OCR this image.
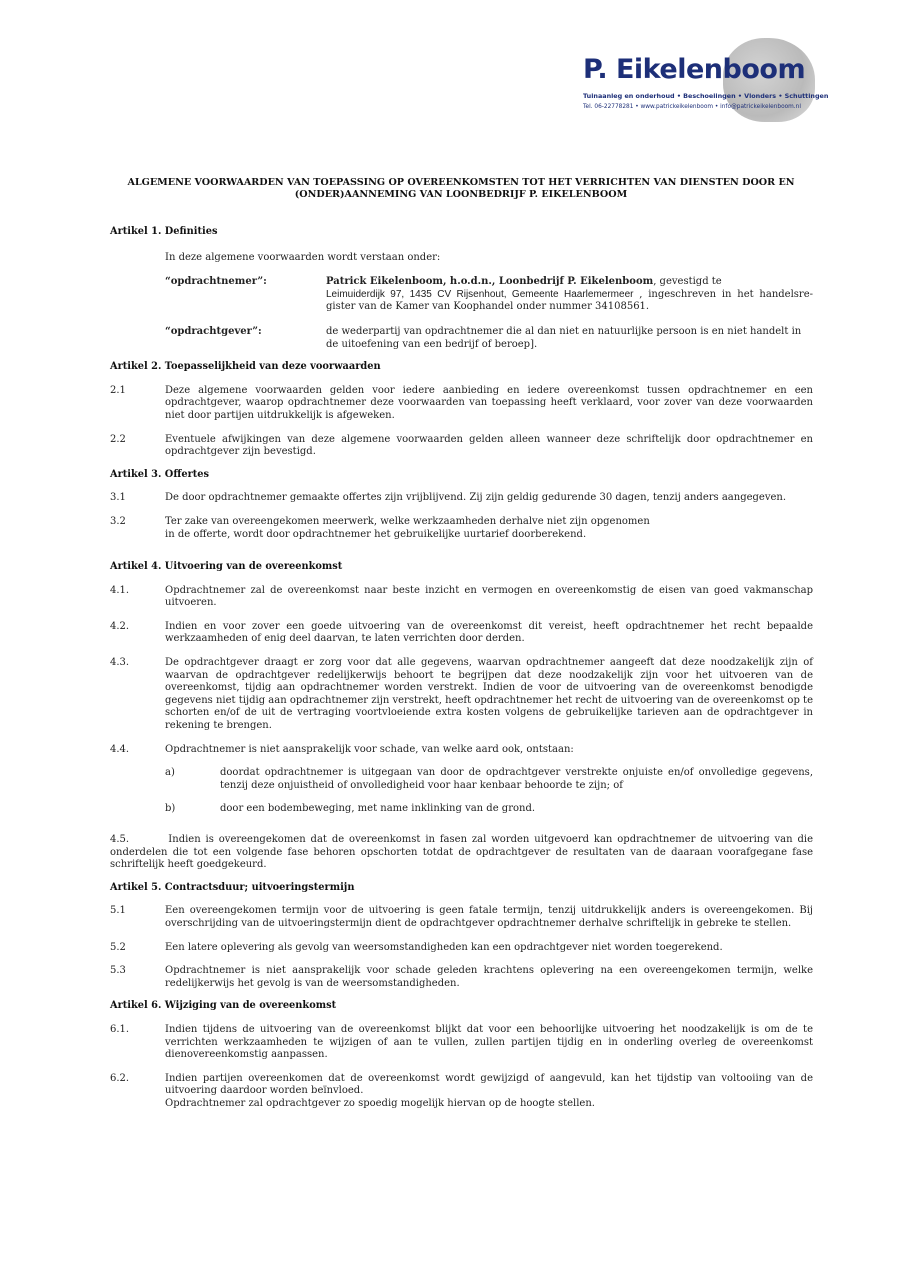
P. Eikelenboom
Tuinaanleg en onderhoud • Beschoeiingen • Vlonders • Schuttingen
Tel. 06-22778281 • www.patrickeikelenboom • info@patrickeikelenboom.nl
ALGEMENE VOORWAARDEN VAN TOEPASSING OP OVEREENKOMSTEN TOT HET VERRICHTEN VAN DIENSTEN DOOR EN (ONDER)AANNEMING VAN LOONBEDRIJF P. EIKELENBOOM
Artikel 1. Definities

In deze algemene voorwaarden wordt verstaan onder:

“opdrachtnemer”:	Patrick Eikelenboom, h.o.d.n., Loonbedrijf P. Eikelenboom, gevestigd te
Leimuiderdijk 97, 1435 CV Rijsenhout, Gemeente Haarlemermeer , ingeschreven in het handelsre- gister van de Kamer van Koophandel onder nummer 34108561.
“opdrachtgever”:	de wederpartij van opdrachtnemer die al dan niet en natuurlijke persoon is en niet handelt in de uitoefening van een bedrijf of beroep].
Artikel 2. Toepasselijkheid van deze voorwaarden
2.1	Deze algemene voorwaarden gelden voor iedere aanbieding en iedere overeenkomst tussen opdrachtnemer en een opdrachtgever, waarop opdrachtnemer deze voorwaarden van toepassing heeft verklaard, voor zover van deze voorwaarden niet door partijen uitdrukkelijk is afgeweken.
2.2	Eventuele afwijkingen van deze algemene voorwaarden gelden alleen wanneer deze schriftelijk door opdrachtnemer en opdrachtgever zijn bevestigd.
Artikel 3. Offertes
3.1	De door opdrachtnemer gemaakte offertes zijn vrijblijvend. Zij zijn geldig gedurende 30 dagen, tenzij anders aangegeven.
3.2	Ter zake van overeengekomen meerwerk, welke werkzaamheden derhalve niet zijn opgenomen in de offerte, wordt door opdrachtnemer het gebruikelijke uurtarief doorberekend.
Artikel 4. Uitvoering van de overeenkomst
4.1.	Opdrachtnemer zal de overeenkomst naar beste inzicht en vermogen en overeenkomstig de eisen van goed vakmanschap uitvoeren.
4.2.	Indien en voor zover een goede uitvoering van de overeenkomst dit vereist, heeft opdrachtnemer het recht bepaalde werkzaamheden of enig deel daarvan, te laten verrichten door derden.
4.3.	De opdrachtgever draagt er zorg voor dat alle gegevens, waarvan opdrachtnemer aangeeft dat deze noodzakelijk zijn of waarvan de opdrachtgever redelijkerwijs behoort te begrijpen dat deze noodzakelijk zijn voor het uitvoeren van de overeenkomst, tijdig aan opdrachtnemer worden verstrekt. Indien de voor de uitvoering van de overeenkomst benodigde gegevens niet tijdig aan opdrachtnemer zijn verstrekt, heeft opdrachtnemer het recht de uitvoering van de overeenkomst op te schorten en/of de uit de vertraging voortvloeiende extra kosten volgens de gebruikelijke tarieven aan de opdrachtgever in rekening te brengen.
4.4.	Opdrachtnemer is niet aansprakelijk voor schade, van welke aard ook, ontstaan:
a)	doordat opdrachtnemer is uitgegaan van door de opdrachtgever verstrekte onjuiste en/of onvolledige gegevens, tenzij deze onjuistheid of onvolledigheid voor haar kenbaar behoorde te zijn; of
b)	door een bodembeweging, met name inklinking van de grond.

4.5.	Indien is overeengekomen dat de overeenkomst in fasen zal worden uitgevoerd kan opdrachtnemer de uitvoering van die onderdelen die tot een volgende fase behoren opschorten totdat de opdrachtgever de resultaten van de daaraan voorafgegane fase schriftelijk heeft goedgekeurd.

Artikel 5. Contractsduur; uitvoeringstermijn
5.1	Een overeengekomen termijn voor de uitvoering is geen fatale termijn, tenzij uitdrukkelijk anders is overeengekomen. Bij overschrijding van de uitvoeringstermijn dient de opdrachtgever opdrachtnemer derhalve schriftelijk in gebreke te stellen.
5.2	Een latere oplevering als gevolg van weersomstandigheden kan een opdrachtgever niet worden toegerekend.
5.3	Opdrachtnemer is niet aansprakelijk voor schade geleden krachtens oplevering na een overeengekomen termijn, welke redelijkerwijs het gevolg is van de weersomstandigheden.
Artikel 6. Wijziging van de overeenkomst
6.1.	Indien tijdens de uitvoering van de overeenkomst blijkt dat voor een behoorlijke uitvoering het noodzakelijk is om de te verrichten werkzaamheden te wijzigen of aan te vullen, zullen partijen tijdig en in onderling overleg de overeenkomst dienovereenkomstig aanpassen.
6.2.	Indien partijen overeenkomen dat de overeenkomst wordt gewijzigd of aangevuld, kan het tijdstip van voltooiing van de uitvoering daardoor worden beïnvloed.
Opdrachtnemer zal opdrachtgever zo spoedig mogelijk hiervan op de hoogte stellen.
